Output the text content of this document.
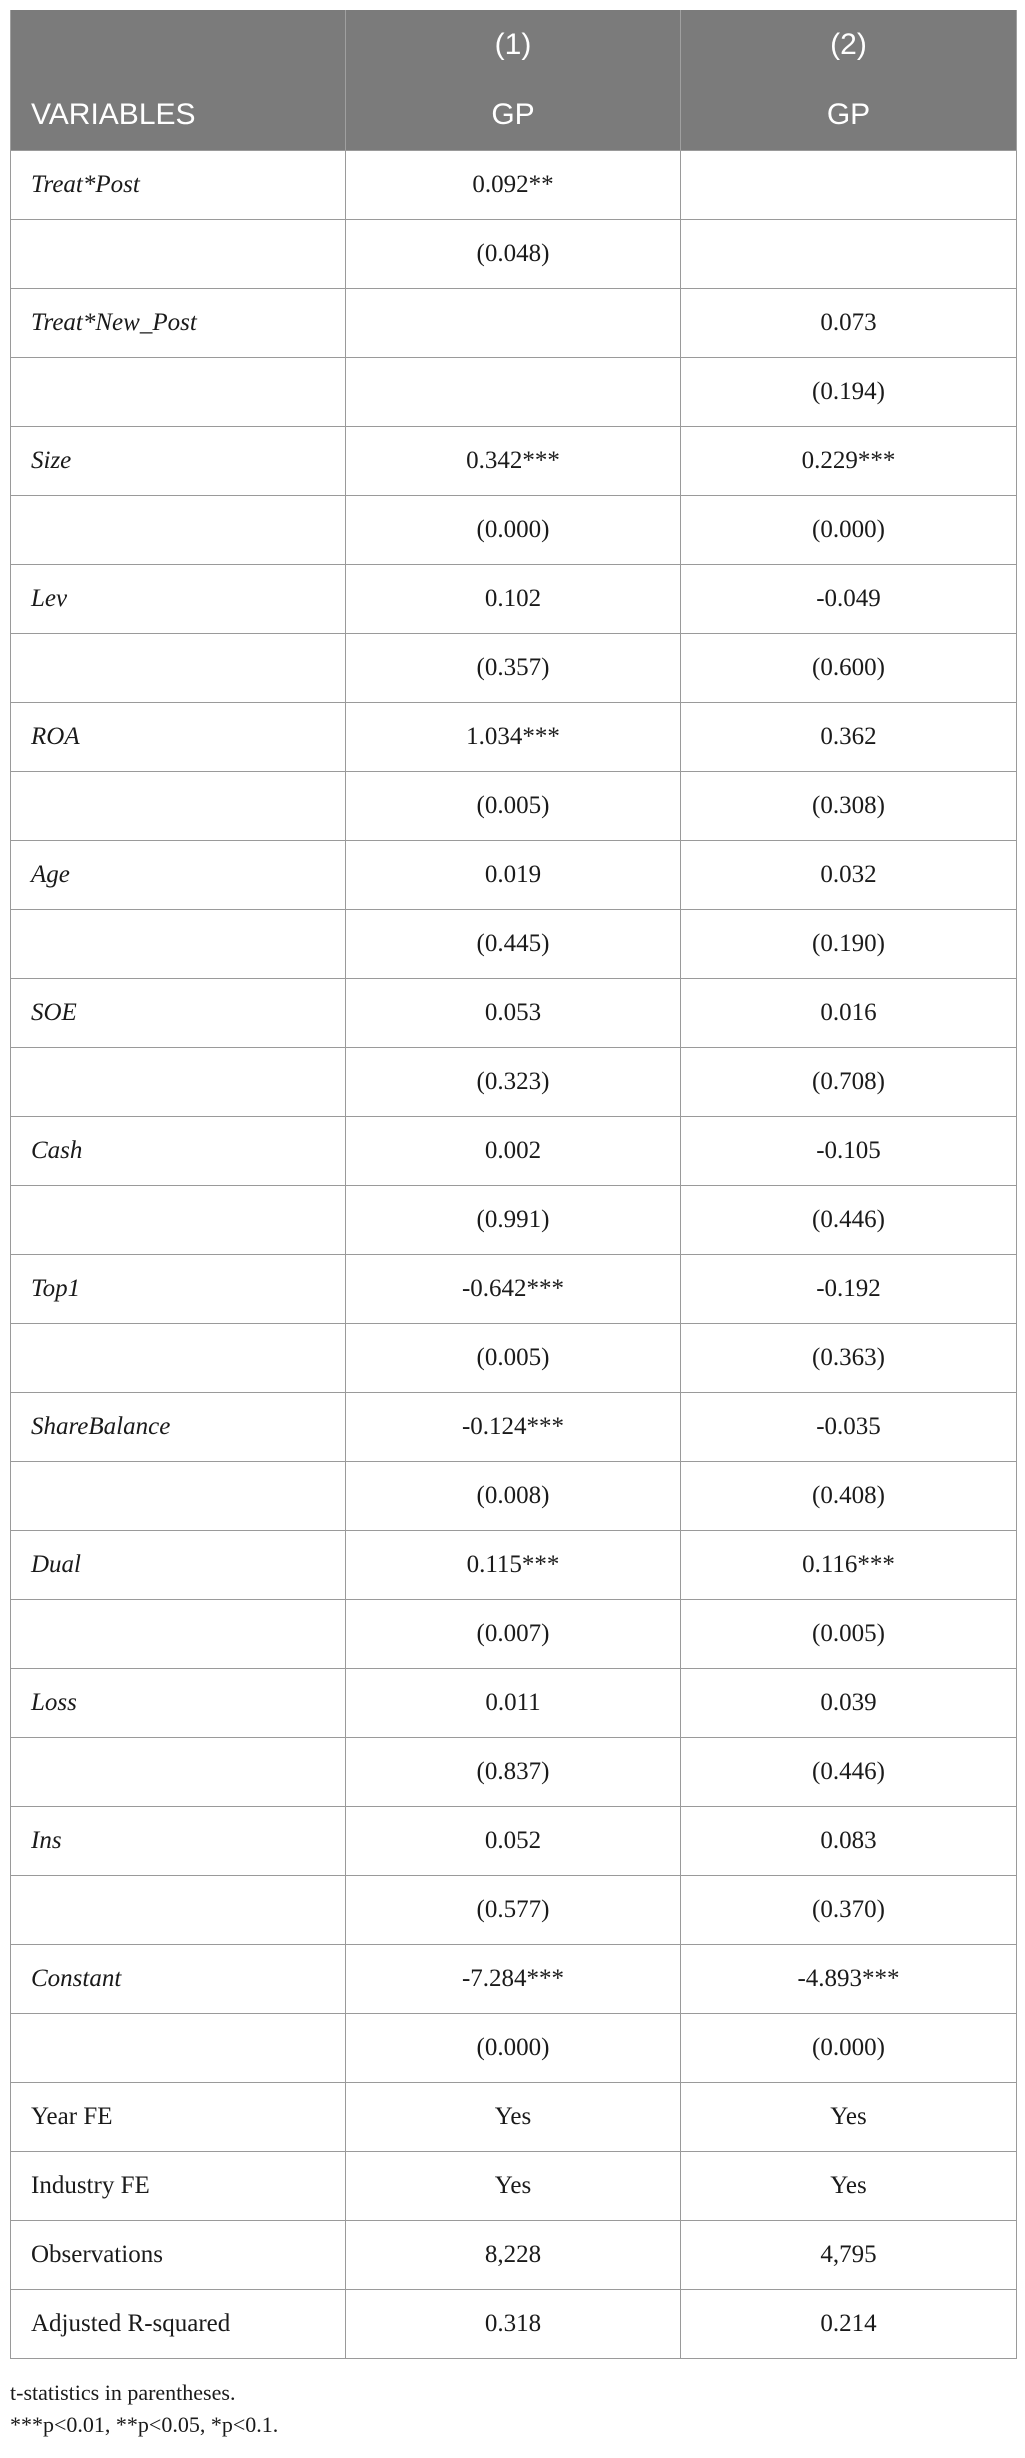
	(1)	(2)
VARIABLES	GP	GP
Treat*Post	0.092**	
	(0.048)	
Treat*New_Post		0.073
		(0.194)
Size	0.342***	0.229***
	(0.000)	(0.000)
Lev	0.102	-0.049
	(0.357)	(0.600)
ROA	1.034***	0.362
	(0.005)	(0.308)
Age	0.019	0.032
	(0.445)	(0.190)
SOE	0.053	0.016
	(0.323)	(0.708)
Cash	0.002	-0.105
	(0.991)	(0.446)
Top1	-0.642***	-0.192
	(0.005)	(0.363)
ShareBalance	-0.124***	-0.035
	(0.008)	(0.408)
Dual	0.115***	0.116***
	(0.007)	(0.005)
Loss	0.011	0.039
	(0.837)	(0.446)
Ins	0.052	0.083
	(0.577)	(0.370)
Constant	-7.284***	-4.893***
	(0.000)	(0.000)
Year FE	Yes	Yes
Industry FE	Yes	Yes
Observations	8,228	4,795
Adjusted R-squared	0.318	0.214
t-statistics in parentheses.
***p<0.01, **p<0.05, *p<0.1.
